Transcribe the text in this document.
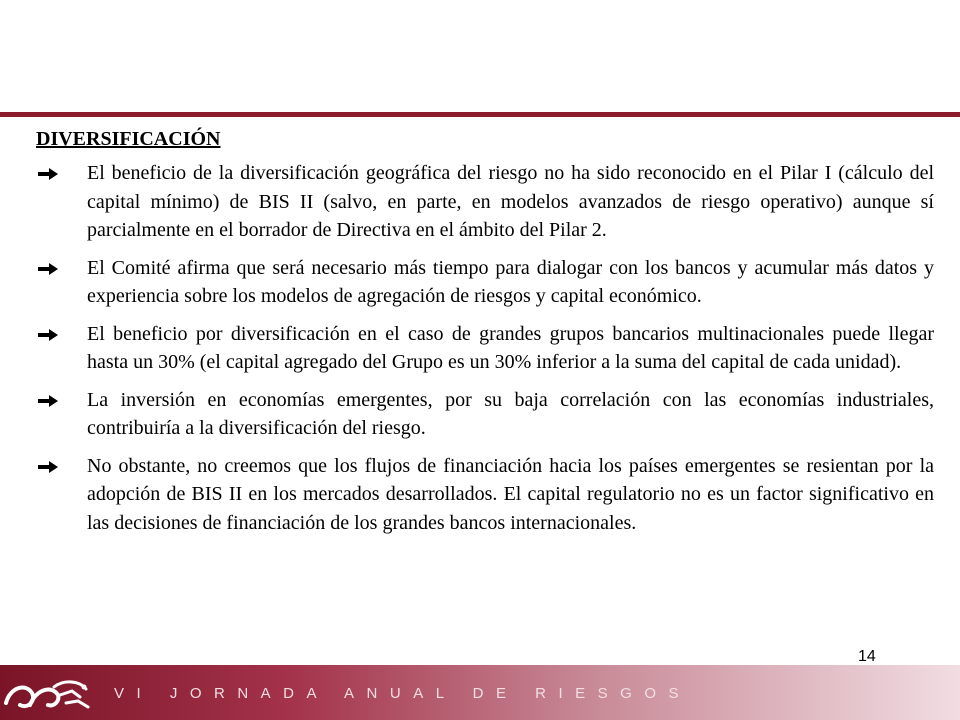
DIVERSIFICACIÓN
El beneficio de la diversificación geográfica del riesgo no ha sido reconocido en el Pilar I (cálculo del capital mínimo) de BIS II (salvo, en parte, en modelos avanzados de riesgo operativo) aunque sí parcialmente en el borrador de Directiva en el ámbito del Pilar 2.
El Comité afirma que será necesario más tiempo para dialogar con los bancos y acumular más datos y experiencia sobre los modelos de agregación de riesgos y capital económico.
El beneficio por diversificación en el caso de grandes grupos bancarios multinacionales puede llegar hasta un 30% (el capital agregado del Grupo es un 30% inferior a la suma del capital de cada unidad).
La inversión en economías emergentes, por su baja correlación con las economías industriales, contribuiría a la diversificación del riesgo.
No obstante, no creemos que los flujos de financiación hacia los países emergentes se resientan por la adopción de BIS II en los mercados desarrollados. El capital regulatorio no es un factor significativo en las decisiones de financiación de los grandes bancos internacionales.
14
VI JORNADA ANUAL DE RIESGOS
